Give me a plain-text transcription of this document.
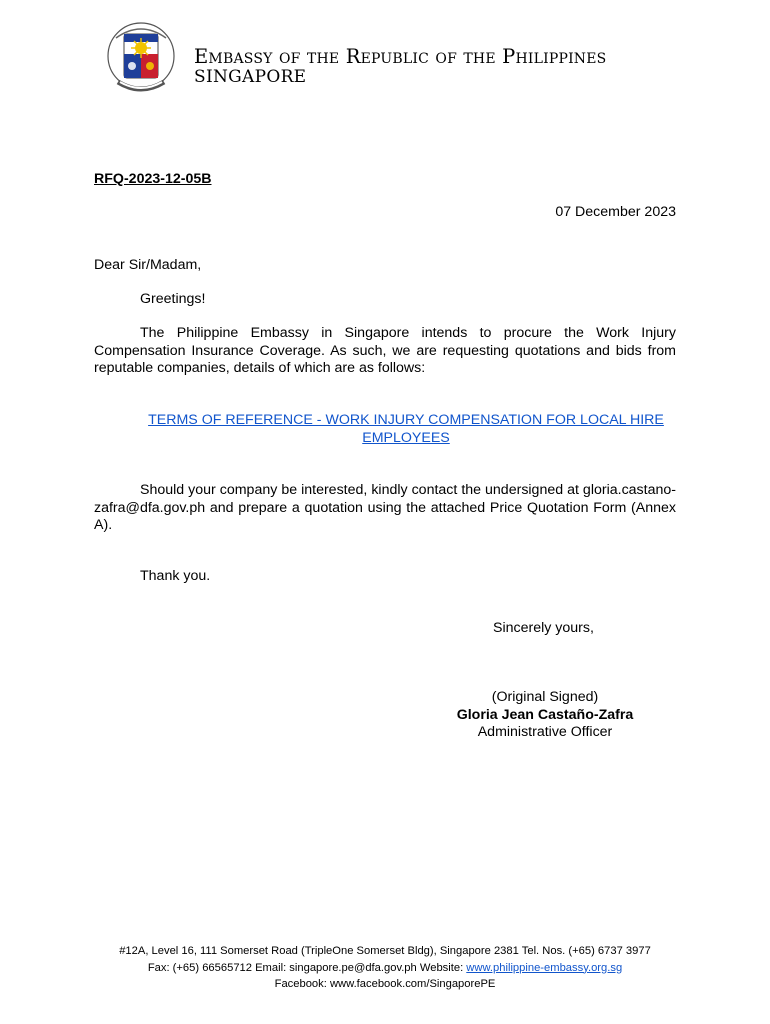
Embassy of the Republic of the Philippines
SINGAPORE
RFQ-2023-12-05B
07 December 2023
Dear Sir/Madam,
Greetings!
The Philippine Embassy in Singapore intends to procure the Work Injury Compensation Insurance Coverage. As such, we are requesting quotations and bids from reputable companies, details of which are as follows:
TERMS OF REFERENCE - WORK INJURY COMPENSATION FOR LOCAL HIRE EMPLOYEES
Should your company be interested, kindly contact the undersigned at gloria.castano-zafra@dfa.gov.ph and prepare a quotation using the attached Price Quotation Form (Annex A).
Thank you.
Sincerely yours,
(Original Signed)
Gloria Jean Castaño-Zafra
Administrative Officer
#12A, Level 16, 111 Somerset Road (TripleOne Somerset Bldg), Singapore 2381 Tel. Nos. (+65) 6737 3977
Fax: (+65) 66565712 Email: singapore.pe@dfa.gov.ph Website: www.philippine-embassy.org.sg
Facebook: www.facebook.com/SingaporePE
